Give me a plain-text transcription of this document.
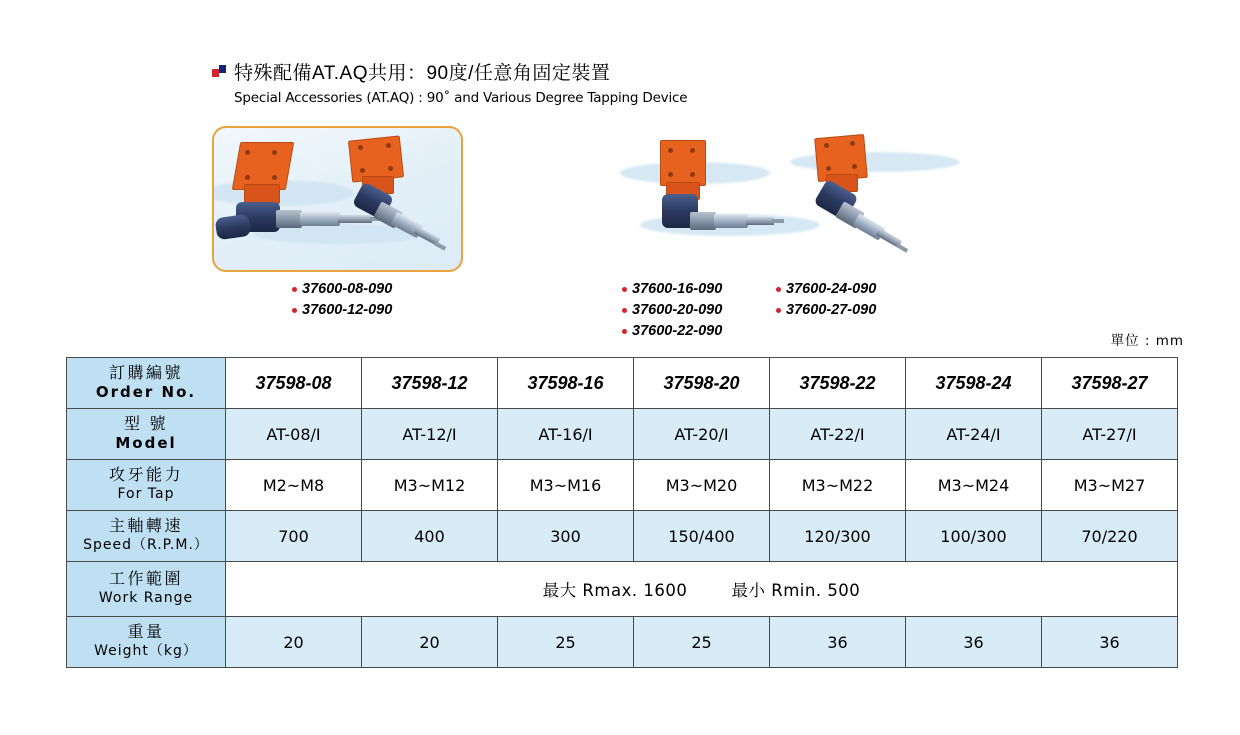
特殊配備AT.AQ共用：90度/任意角固定裝置
Special Accessories (AT.AQ) : 90˚ and Various Degree Tapping Device
37600-08-090
37600-12-090
37600-16-090
37600-20-090
37600-22-090
37600-24-090
37600-27-090
單位 : mm
訂購編號
Order No.	37598-08	37598-12	37598-16	37598-20	37598-22	37598-24	37598-27

型 號
Model	AT-08/I	AT-12/I	AT-16/I	AT-20/I	AT-22/I	AT-24/I	AT-27/I

攻牙能力
For Tap	M2~M8	M3~M12	M3~M16	M3~M20	M3~M22	M3~M24	M3~M27

主軸轉速
Speed（R.P.M.）	700	400	300	150/400	120/300	100/300	70/220

工作範圍
Work Range	最大 Rmax. 1600 最小 Rmin. 500						

重量
Weight（kg）	20	20	25	25	36	36	36
